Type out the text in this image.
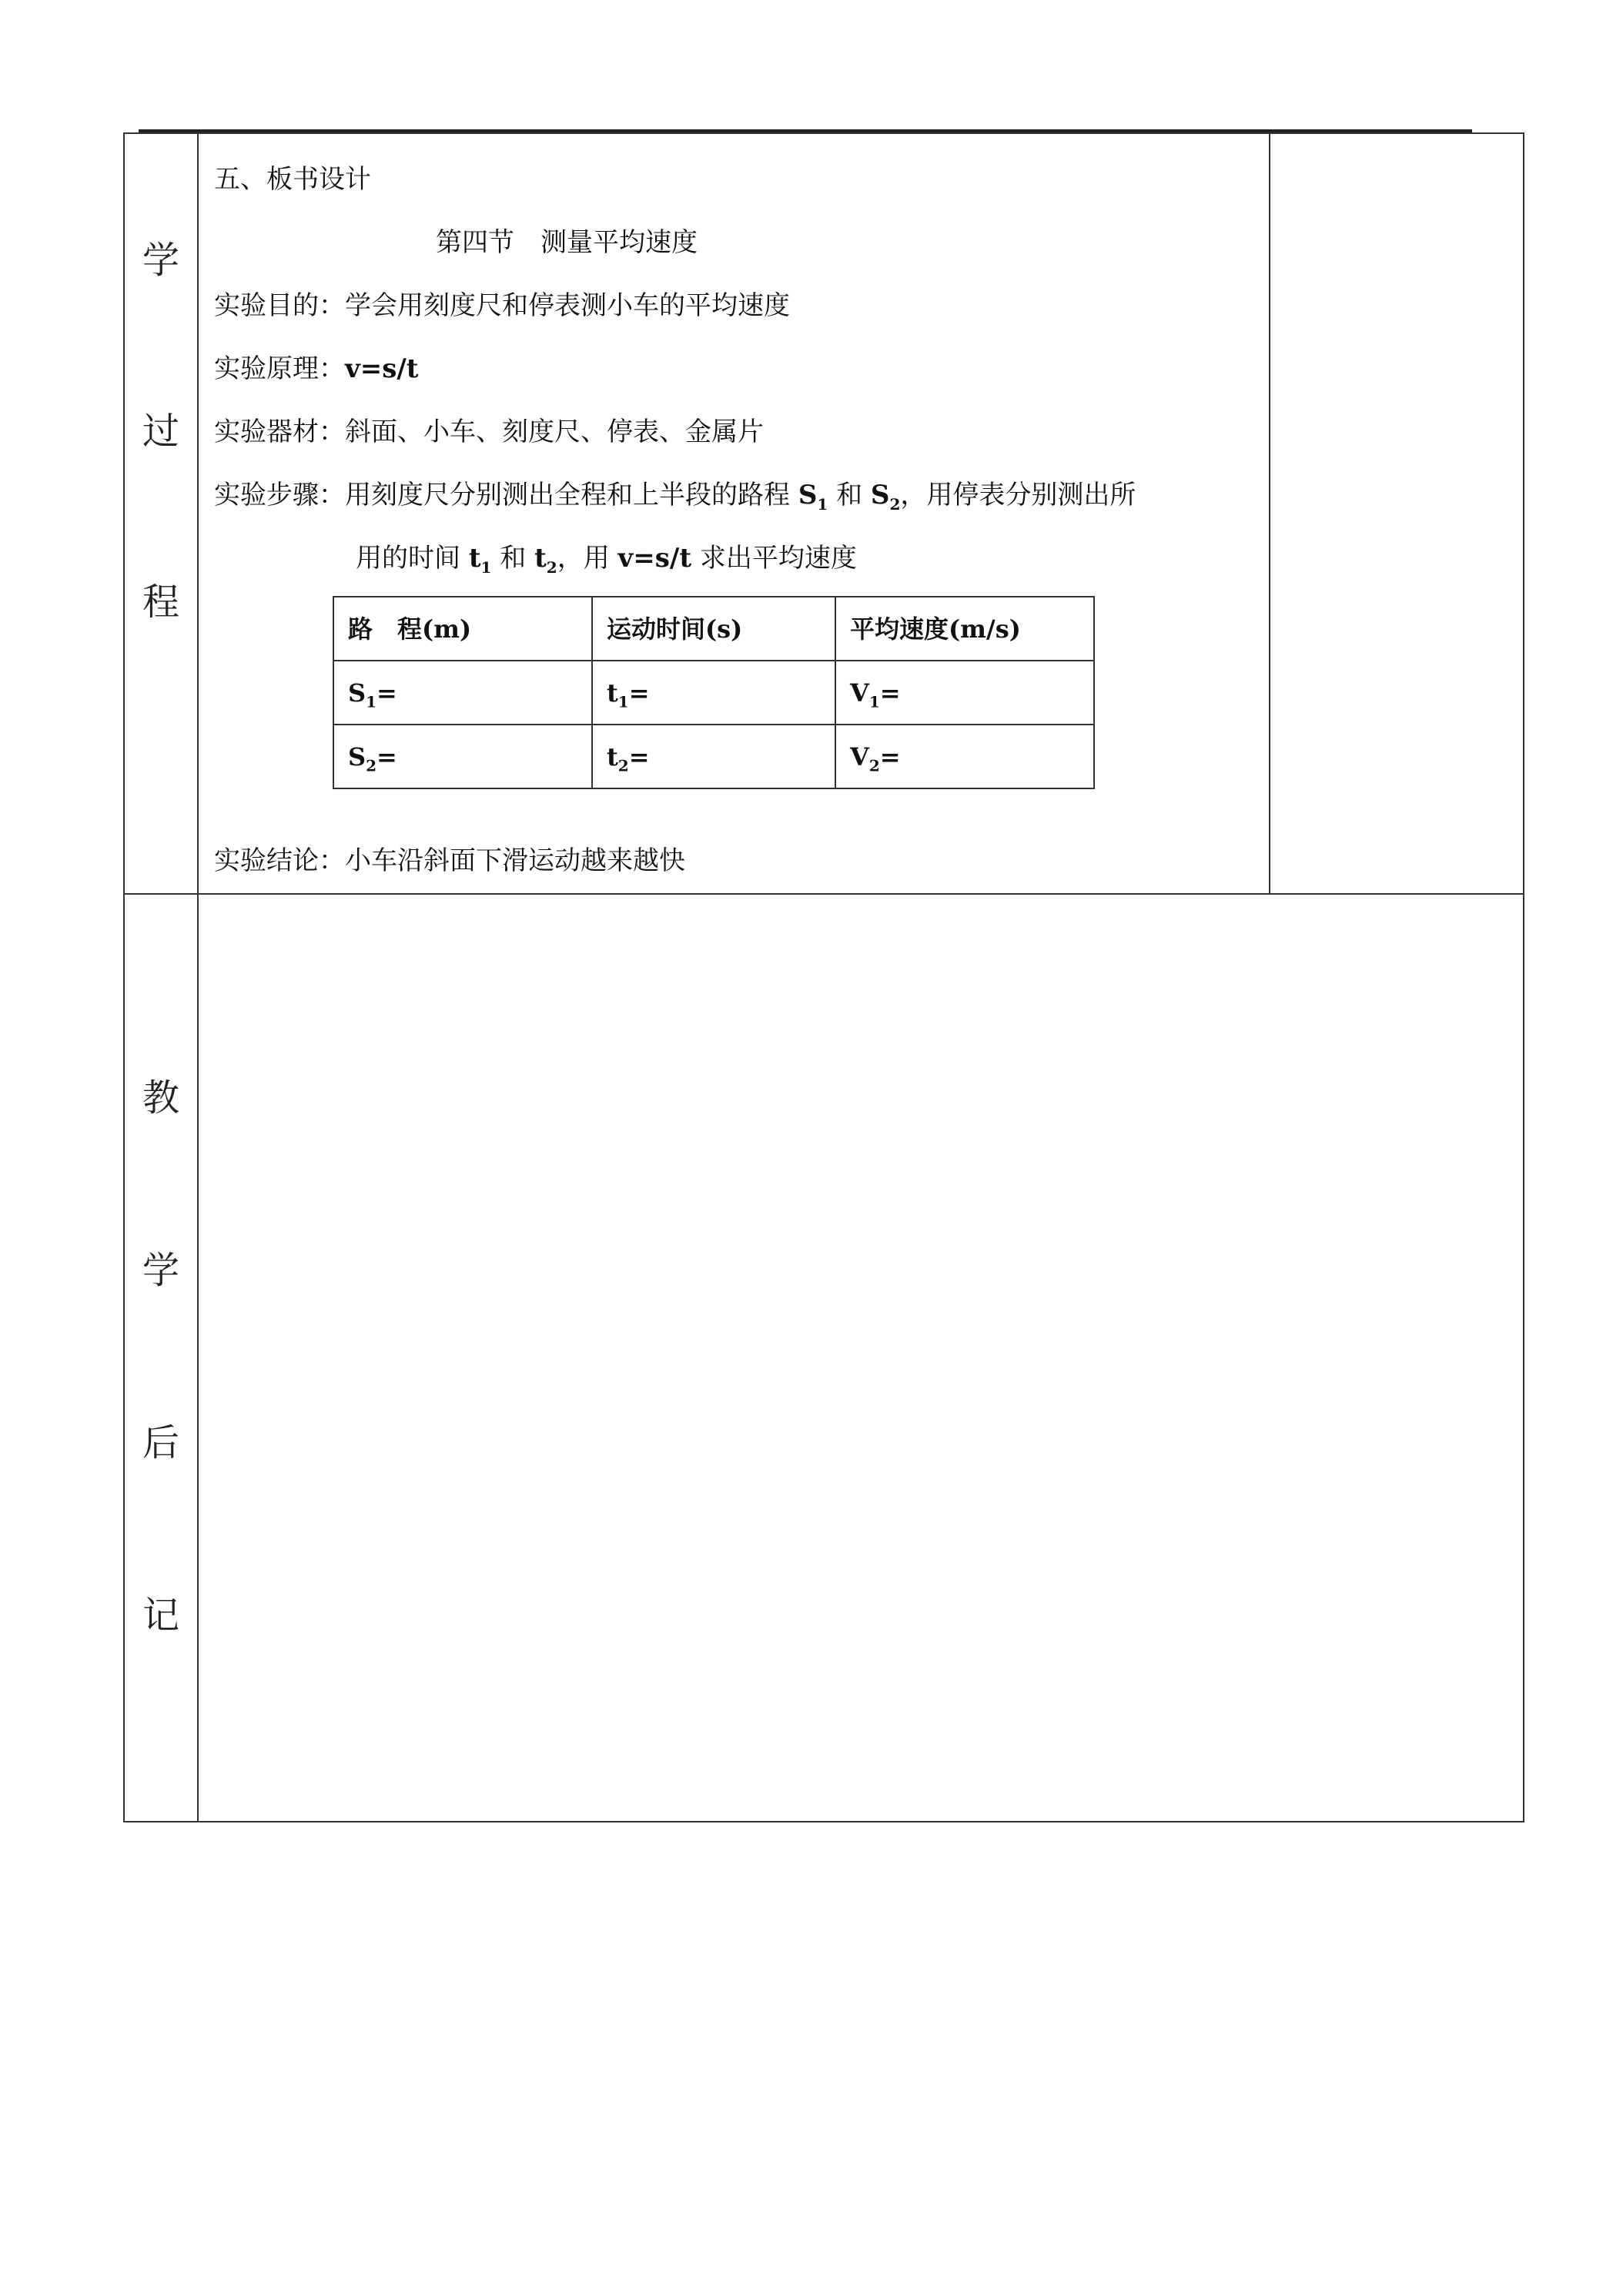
学
过
程

五、板书设计
第四节　测量平均速度
实验目的：学会用刻度尺和停表测小车的平均速度
实验原理：v=s/t
实验器材：斜面、小车、刻度尺、停表、金属片
实验步骤：用刻度尺分别测出全程和上半段的路程 $S_1$ 和 $S_2$，用停表分别测出所
用的时间 $t_1$ 和 $t_2$，用 v=s/t 求出平均速度
路　程(m)	运动时间(s)	平均速度(m/s)
$S_1=$	$t_1=$	$V_1=$
$S_2=$	$t_2=$	$V_2=$
实验结论：小车沿斜面下滑运动越来越快

教
学
后
记
